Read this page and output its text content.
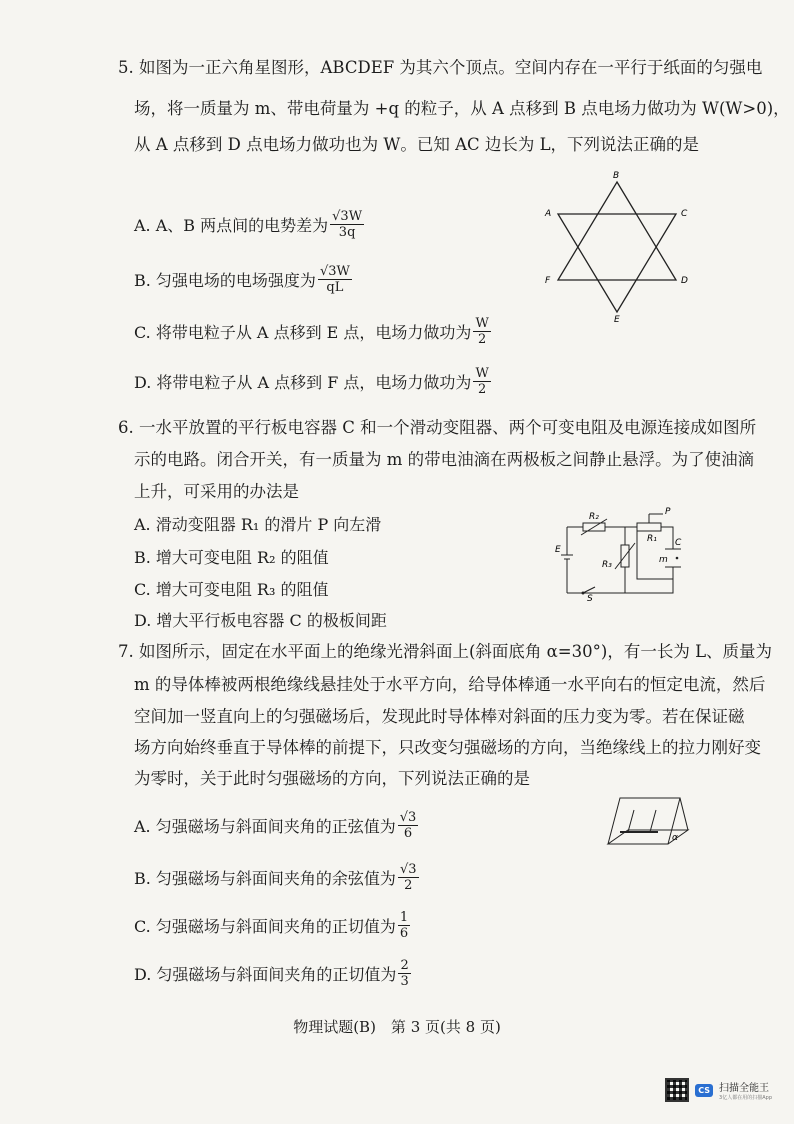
5. 如图为一正六角星图形，ABCDEF 为其六个顶点。空间内存在一平行于纸面的匀强电
场，将一质量为 m、带电荷量为 +q 的粒子，从 A 点移到 B 点电场力做功为 W(W>0)，
从 A 点移到 D 点电场力做功也为 W。已知 AC 边长为 L，下列说法正确的是
A. A、B 两点间的电势差为 $\frac{√3W}{3q}$
B. 匀强电场的电场强度为 $\frac{√3W}{qL}$
C. 将带电粒子从 A 点移到 E 点，电场力做功为 $\frac{W}{2}$
D. 将带电粒子从 A 点移到 F 点，电场力做功为 $\frac{W}{2}$
B
A	C
D
F
E
6. 一水平放置的平行板电容器 C 和一个滑动变阻器、两个可变电阻及电源连接成如图所
示的电路。闭合开关，有一质量为 m 的带电油滴在两极板之间静止悬浮。为了使油滴
上升，可采用的办法是
A. 滑动变阻器 R₁ 的滑片 P 向左滑
B. 增大可变电阻 R₂ 的阻值
C. 增大可变电阻 R₃ 的阻值
D. 增大平行板电容器 C 的极板间距
R₂	P
R₁
R₃
E
C
m
S
7. 如图所示，固定在水平面上的绝缘光滑斜面上(斜面底角 α=30°)，有一长为 L、质量为
m 的导体棒被两根绝缘线悬挂处于水平方向，给导体棒通一水平向右的恒定电流，然后
空间加一竖直向上的匀强磁场后，发现此时导体棒对斜面的压力变为零。若在保证磁
场方向始终垂直于导体棒的前提下，只改变匀强磁场的方向，当绝缘线上的拉力刚好变
为零时，关于此时匀强磁场的方向，下列说法正确的是
A. 匀强磁场与斜面间夹角的正弦值为 $\frac{√3}{6}$
B. 匀强磁场与斜面间夹角的余弦值为 $\frac{√3}{2}$
C. 匀强磁场与斜面间夹角的正切值为 $\frac{1}{6}$
D. 匀强磁场与斜面间夹角的正切值为 $\frac{2}{3}$
α
物理试题(B)　第 3 页(共 8 页)
CS 扫描全能王
3亿人都在用的扫描App
